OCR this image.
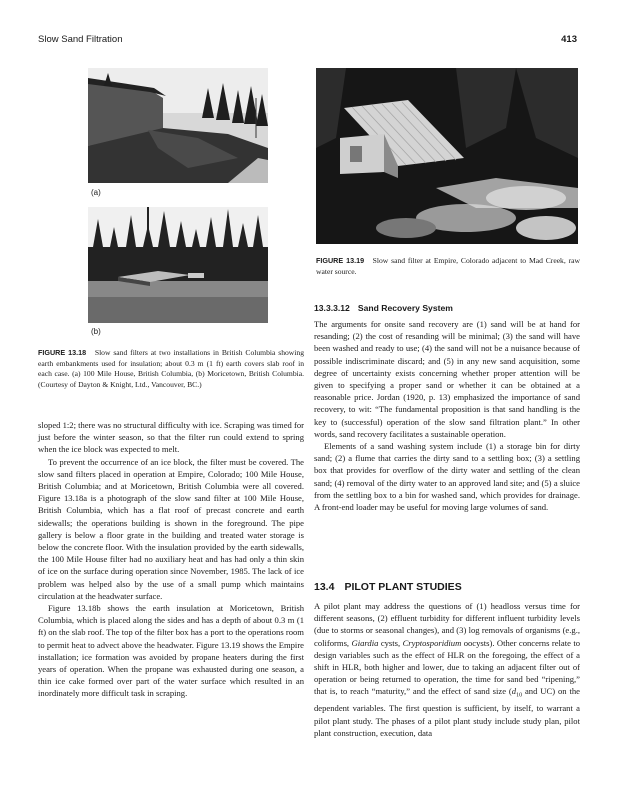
Slow Sand Filtration	413
(a)
(b)
FIGURE 13.18 Slow sand filters at two installations in British Columbia showing earth embankments used for insulation; about 0.3 m (1 ft) earth covers slab roof in each case. (a) 100 Mile House, British Columbia, (b) Moricetown, British Columbia. (Courtesy of Dayton & Knight, Ltd., Vancouver, BC.)

sloped 1:2; there was no structural difficulty with ice. Scraping was timed for just before the winter season, so that the filter run could extend to spring when the ice block was expected to melt.

To prevent the occurrence of an ice block, the filter must be covered. The slow sand filters placed in operation at Empire, Colorado; 100 Mile House, British Columbia; and at Moricetown, British Columbia were all covered. Figure 13.18a is a photograph of the slow sand filter at 100 Mile House, British Columbia, which has a flat roof of precast concrete and earth sidewalls; the operations building is shown in the foreground. The pipe gallery is below a floor grate in the building and treated water storage is below the concrete floor. With the insulation provided by the earth sidewalls, the 100 Mile House filter had no auxiliary heat and has had only a thin skin of ice on the surface during operation since November, 1985. The lack of ice problem was helped also by the use of a small pump which maintains circulation at the headwater surface.

Figure 13.18b shows the earth insulation at Moricetown, British Columbia, which is placed along the sides and has a depth of about 0.3 m (1 ft) on the slab roof. The top of the filter box has a port to the operations room to permit heat to advect above the headwater. Figure 13.19 shows the Empire installation; ice formation was avoided by propane heaters during the first years of operation. When the propane was exhausted during one season, a thin ice cake formed over part of the water surface which resulted in an inordinately more difficult task in scraping.

FIGURE 13.19 Slow sand filter at Empire, Colorado adjacent to Mad Creek, raw water source.
13.3.3.12 Sand Recovery System

The arguments for onsite sand recovery are (1) sand will be at hand for resanding; (2) the cost of resanding will be minimal; (3) the sand will have been washed and ready to use; (4) the sand will not be a nuisance because of possible indiscriminate discard; and (5) in any new sand acquisition, some degree of uncertainty exists concerning whether proper attention will be given to specifying a proper sand or whether it can be obtained at a reasonable price. Jordan (1920, p. 13) emphasized the importance of sand recovery, to wit: “The fundamental proposition is that sand handling is the key to (successful) operation of the slow sand filtration plant.” In other words, sand recovery facilitates a sustainable operation.

Elements of a sand washing system include (1) a storage bin for dirty sand; (2) a flume that carries the dirty sand to a settling box; (3) a settling box that provides for overflow of the dirty water and settling of the clean sand; (4) removal of the dirty water to an approved land site; and (5) a sluice from the settling box to a bin for washed sand, which provides for drainage. A front-end loader may be useful for moving large volumes of sand.

13.4 PILOT PLANT STUDIES

A pilot plant may address the questions of (1) headloss versus time for different seasons, (2) effluent turbidity for different influent turbidity levels (due to storms or seasonal changes), and (3) log removals of organisms (e.g., coliforms, Giardia cysts, Cryptosporidium oocysts). Other concerns relate to design variables such as the effect of HLR on the foregoing, the effect of a shift in HLR, both higher and lower, due to taking an adjacent filter out of operation or being returned to operation, the time for sand bed “ripening,” that is, to reach “maturity,” and the effect of sand size ($d_{10}$ and UC) on the dependent variables. The first question is sufficient, by itself, to warrant a pilot plant study. The phases of a pilot plant study include study plan, pilot plant construction, execution, data
